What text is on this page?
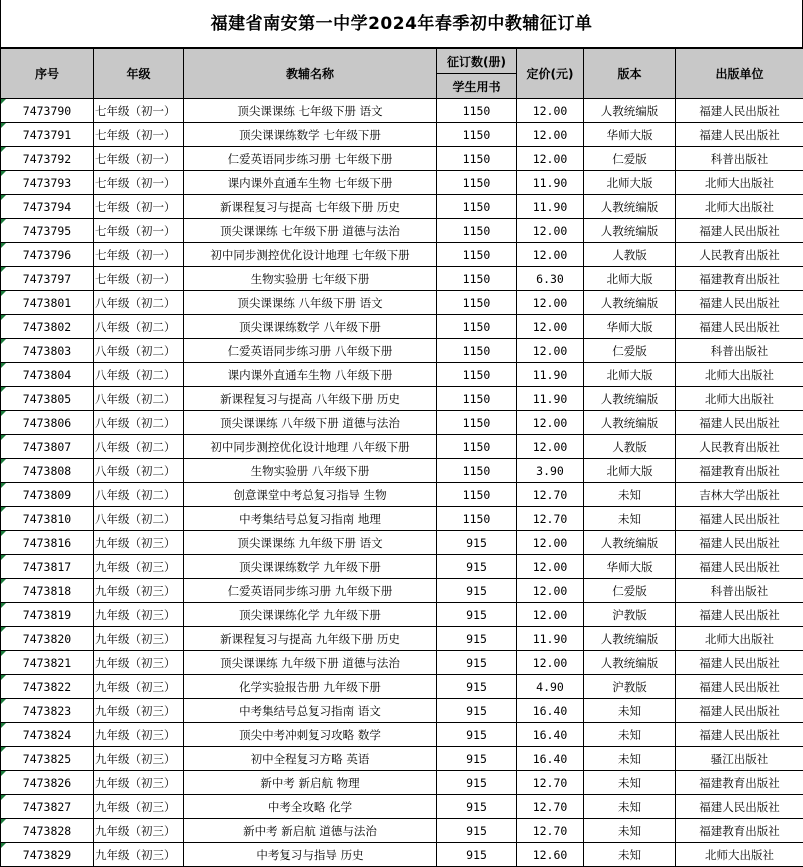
福建省南安第一中学2024年春季初中教辅征订单
序号	年级	教辅名称	征订数(册)	定价(元)	版本	出版单位
			学生用书			
7473790	七年级（初一）	顶尖课课练 七年级下册 语文	1150	12.00	人教统编版	福建人民出版社
7473791	七年级（初一）	顶尖课课练数学 七年级下册	1150	12.00	华师大版	福建人民出版社
7473792	七年级（初一）	仁爱英语同步练习册 七年级下册	1150	12.00	仁爱版	科普出版社
7473793	七年级（初一）	课内课外直通车生物 七年级下册	1150	11.90	北师大版	北师大出版社
7473794	七年级（初一）	新课程复习与提高 七年级下册 历史	1150	11.90	人教统编版	北师大出版社
7473795	七年级（初一）	顶尖课课练 七年级下册 道德与法治	1150	12.00	人教统编版	福建人民出版社
7473796	七年级（初一）	初中同步测控优化设计地理 七年级下册	1150	12.00	人教版	人民教育出版社
7473797	七年级（初一）	生物实验册 七年级下册	1150	6.30	北师大版	福建教育出版社
7473801	八年级（初二）	顶尖课课练 八年级下册 语文	1150	12.00	人教统编版	福建人民出版社
7473802	八年级（初二）	顶尖课课练数学 八年级下册	1150	12.00	华师大版	福建人民出版社
7473803	八年级（初二）	仁爱英语同步练习册 八年级下册	1150	12.00	仁爱版	科普出版社
7473804	八年级（初二）	课内课外直通车生物 八年级下册	1150	11.90	北师大版	北师大出版社
7473805	八年级（初二）	新课程复习与提高 八年级下册 历史	1150	11.90	人教统编版	北师大出版社
7473806	八年级（初二）	顶尖课课练 八年级下册 道德与法治	1150	12.00	人教统编版	福建人民出版社
7473807	八年级（初二）	初中同步测控优化设计地理 八年级下册	1150	12.00	人教版	人民教育出版社
7473808	八年级（初二）	生物实验册 八年级下册	1150	3.90	北师大版	福建教育出版社
7473809	八年级（初二）	创意课堂中考总复习指导 生物	1150	12.70	未知	吉林大学出版社
7473810	八年级（初二）	中考集结号总复习指南 地理	1150	12.70	未知	福建人民出版社
7473816	九年级（初三）	顶尖课课练 九年级下册 语文	915	12.00	人教统编版	福建人民出版社
7473817	九年级（初三）	顶尖课课练数学 九年级下册	915	12.00	华师大版	福建人民出版社
7473818	九年级（初三）	仁爱英语同步练习册 九年级下册	915	12.00	仁爱版	科普出版社
7473819	九年级（初三）	顶尖课课练化学 九年级下册	915	12.00	沪教版	福建人民出版社
7473820	九年级（初三）	新课程复习与提高 九年级下册 历史	915	11.90	人教统编版	北师大出版社
7473821	九年级（初三）	顶尖课课练 九年级下册 道德与法治	915	12.00	人教统编版	福建人民出版社
7473822	九年级（初三）	化学实验报告册 九年级下册	915	4.90	沪教版	福建人民出版社
7473823	九年级（初三）	中考集结号总复习指南 语文	915	16.40	未知	福建人民出版社
7473824	九年级（初三）	顶尖中考冲刺复习攻略 数学	915	16.40	未知	福建人民出版社
7473825	九年级（初三）	初中全程复习方略 英语	915	16.40	未知	骚江出版社
7473826	九年级（初三）	新中考 新启航 物理	915	12.70	未知	福建教育出版社
7473827	九年级（初三）	中考全攻略 化学	915	12.70	未知	福建人民出版社
7473828	九年级（初三）	新中考 新启航 道德与法治	915	12.70	未知	福建教育出版社
7473829	九年级（初三）	中考复习与指导 历史	915	12.60	未知	北师大出版社
